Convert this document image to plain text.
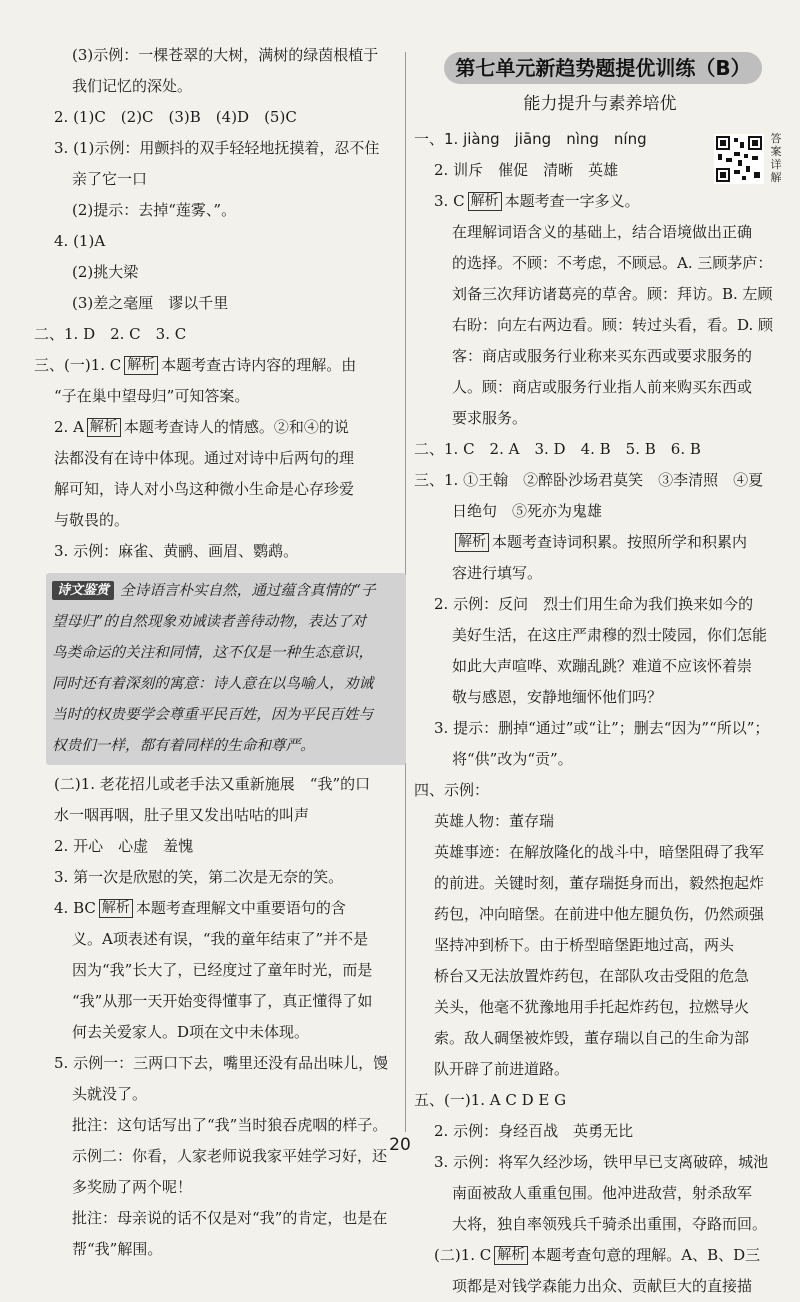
(3)示例：一棵苍翠的大树，满树的绿茵根植于
我们记忆的深处。
2. (1)C　(2)C　(3)B　(4)D　(5)C
3. (1)示例：用颤抖的双手轻轻地抚摸着，忍不住
亲了它一口
(2)提示：去掉“莲雾、”。
4. (1)A
(2)挑大梁
(3)差之毫厘　谬以千里
二、1. D　2. C　3. C
三、(一)1. C 解析 本题考查古诗内容的理解。由
“子在巢中望母归”可知答案。
2. A 解析 本题考查诗人的情感。②和④的说
法都没有在诗中体现。通过对诗中后两句的理
解可知，诗人对小鸟这种微小生命是心存珍爱
与敬畏的。
3. 示例：麻雀、黄鹂、画眉、鹦鹉。
诗文鉴赏 全诗语言朴实自然，通过蕴含真情的“子
望母归”的自然现象劝诫读者善待动物，表达了对
鸟类命运的关注和同情，这不仅是一种生态意识，
同时还有着深刻的寓意：诗人意在以鸟喻人，劝诫
当时的权贵要学会尊重平民百姓，因为平民百姓与
权贵们一样，都有着同样的生命和尊严。
(二)1. 老花招儿或老手法又重新施展　“我”的口
水一咽再咽，肚子里又发出咕咕的叫声
2. 开心　心虚　羞愧
3. 第一次是欣慰的笑，第二次是无奈的笑。
4. BC 解析 本题考查理解文中重要语句的含
义。A项表述有误，“我的童年结束了”并不是
因为“我”长大了，已经度过了童年时光，而是
“我”从那一天开始变得懂事了，真正懂得了如
何去关爱家人。D项在文中未体现。
5. 示例一：三两口下去，嘴里还没有品出味儿，馒
头就没了。
批注：这句话写出了“我”当时狼吞虎咽的样子。
示例二：你看，人家老师说我家平娃学习好，还
多奖励了两个呢！
批注：母亲说的话不仅是对“我”的肯定，也是在
帮“我”解围。
第七单元新趋势题提优训练（B）
能力提升与素养培优
答案详解
一、1. jiàng　jiāng　nìng　níng
2. 训斥　催促　清晰　英雄
3. C 解析 本题考查一字多义。
在理解词语含义的基础上，结合语境做出正确
的选择。不顾：不考虑，不顾忌。A. 三顾茅庐：
刘备三次拜访诸葛亮的草舍。顾：拜访。B. 左顾
右盼：向左右两边看。顾：转过头看，看。D. 顾
客：商店或服务行业称来买东西或要求服务的
人。顾：商店或服务行业指人前来购买东西或
要求服务。
二、1. C　2. A　3. D　4. B　5. B　6. B
三、1. ①王翰　②醉卧沙场君莫笑　③李清照　④夏
日绝句　⑤死亦为鬼雄
解析 本题考查诗词积累。按照所学和积累内
容进行填写。
2. 示例：反问　烈士们用生命为我们换来如今的
美好生活，在这庄严肃穆的烈士陵园，你们怎能
如此大声喧哗、欢蹦乱跳？难道不应该怀着崇
敬与感恩，安静地缅怀他们吗？
3. 提示：删掉“通过”或“让”；删去“因为”“所以”；
将“供”改为“贡”。
四、示例：
英雄人物：董存瑞
英雄事迹：在解放隆化的战斗中，暗堡阻碍了我军
的前进。关键时刻，董存瑞挺身而出，毅然抱起炸
药包，冲向暗堡。在前进中他左腿负伤，仍然顽强
坚持冲到桥下。由于桥型暗堡距地过高，两头
桥台又无法放置炸药包，在部队攻击受阻的危急
关头，他毫不犹豫地用手托起炸药包，拉燃导火
索。敌人碉堡被炸毁，董存瑞以自己的生命为部
队开辟了前进道路。
五、(一)1. A C D E G
2. 示例：身经百战　英勇无比
3. 示例：将军久经沙场，铁甲早已支离破碎，城池
南面被敌人重重包围。他冲进敌营，射杀敌军
大将，独自率领残兵千骑杀出重围，夺路而回。
(二)1. C 解析 本题考查句意的理解。A、B、D三
项都是对钱学森能力出众、贡献巨大的直接描
20
